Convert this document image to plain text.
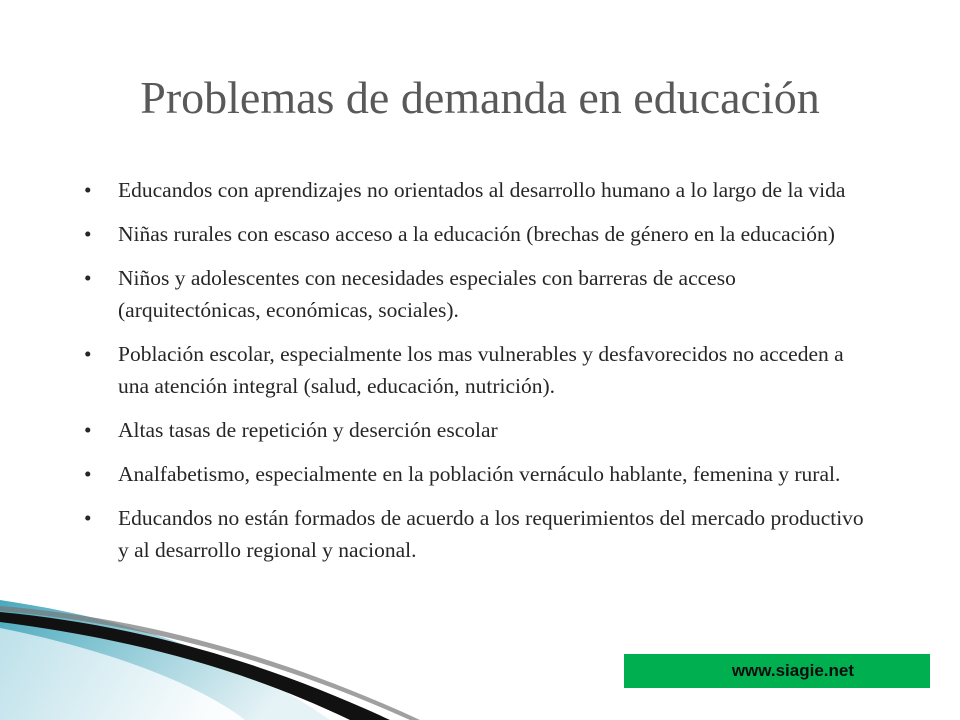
Problemas de demanda en educación
•	Educandos con aprendizajes no orientados al desarrollo humano a lo largo de la vida
•	Niñas rurales con escaso acceso a la educación (brechas de género en la educación)
•	Niños y adolescentes con necesidades especiales con barreras de acceso (arquitectónicas, económicas, sociales).
•	Población escolar, especialmente los mas vulnerables y desfavorecidos no acceden a una atención integral (salud, educación, nutrición).
•	Altas tasas de repetición y deserción escolar
•	Analfabetismo, especialmente en la población vernáculo hablante, femenina y rural.
•	Educandos no están formados de acuerdo a los requerimientos del mercado productivo y al desarrollo regional y nacional.
www.siagie.net
